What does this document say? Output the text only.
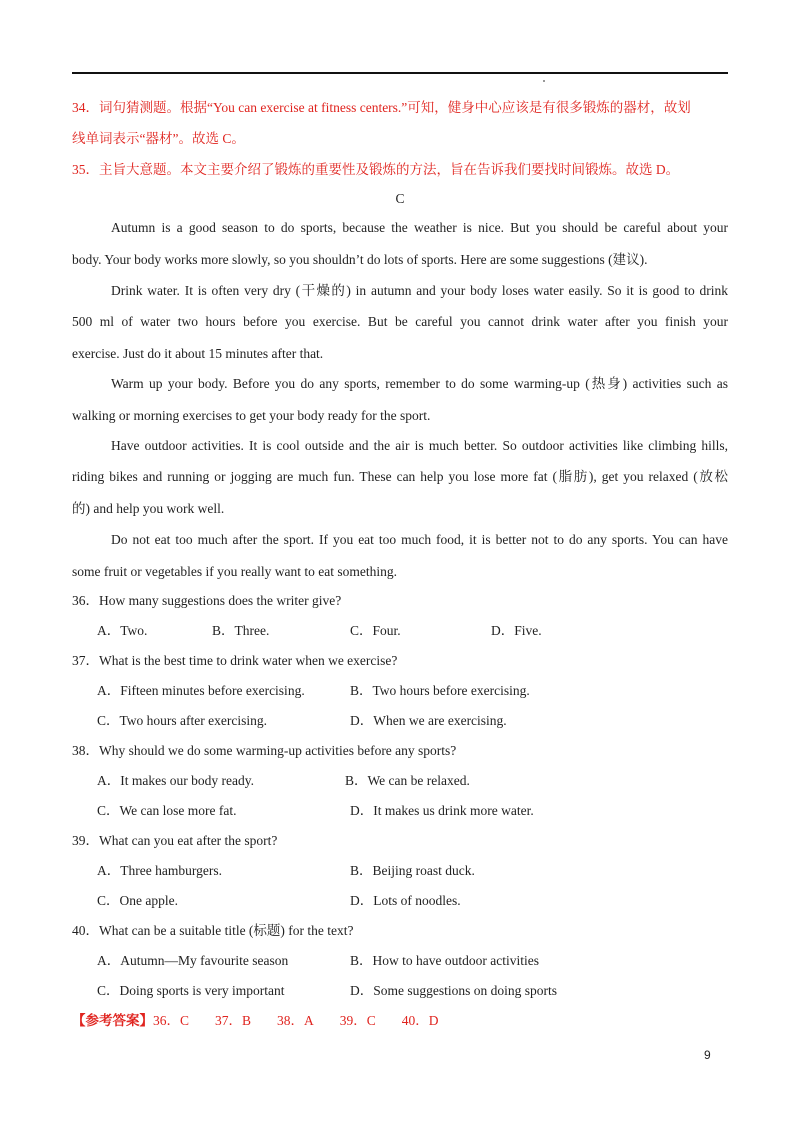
34．词句猜测题。根据“You can exercise at fitness centers.”可知，健身中心应该是有很多锻炼的器材，故划
线单词表示“器材”。故选 C。
35．主旨大意题。本文主要介绍了锻炼的重要性及锻炼的方法，旨在告诉我们要找时间锻炼。故选 D。
C
Autumn is a good season to do sports, because the weather is nice. But you should be careful about your
body. Your body works more slowly, so you shouldn’t do lots of sports. Here are some suggestions (建议).
Drink water. It is often very dry (干燥的) in autumn and your body loses water easily. So it is good to drink
500 ml of water two hours before you exercise. But be careful you cannot drink water after you finish your
exercise. Just do it about 15 minutes after that.
Warm up your body. Before you do any sports, remember to do some warming-up (热身) activities such as
walking or morning exercises to get your body ready for the sport.
Have outdoor activities. It is cool outside and the air is much better. So outdoor activities like climbing hills,
riding bikes and running or jogging are much fun. These can help you lose more fat (脂肪), get you relaxed (放松
的) and help you work well.
Do not eat too much after the sport. If you eat too much food, it is better not to do any sports. You can have
some fruit or vegetables if you really want to eat something.
36．How many suggestions does the writer give?
A．Two.	B．Three.	C．Four.	D．Five.
37．What is the best time to drink water when we exercise?
A．Fifteen minutes before exercising.	B．Two hours before exercising.
C．Two hours after exercising.	D．When we are exercising.
38．Why should we do some warming-up activities before any sports?
A．It makes our body ready.	B．We can be relaxed.
C．We can lose more fat.	D．It makes us drink more water.
39．What can you eat after the sport?
A．Three hamburgers.	B．Beijing roast duck.
C．One apple.	D．Lots of noodles.
40．What can be a suitable title (标题) for the text?
A．Autumn—My favourite season	B．How to have outdoor activities
C．Doing sports is very important	D．Some suggestions on doing sports
【参考答案】36．C 37．B 38．A 39．C 40．D
9
